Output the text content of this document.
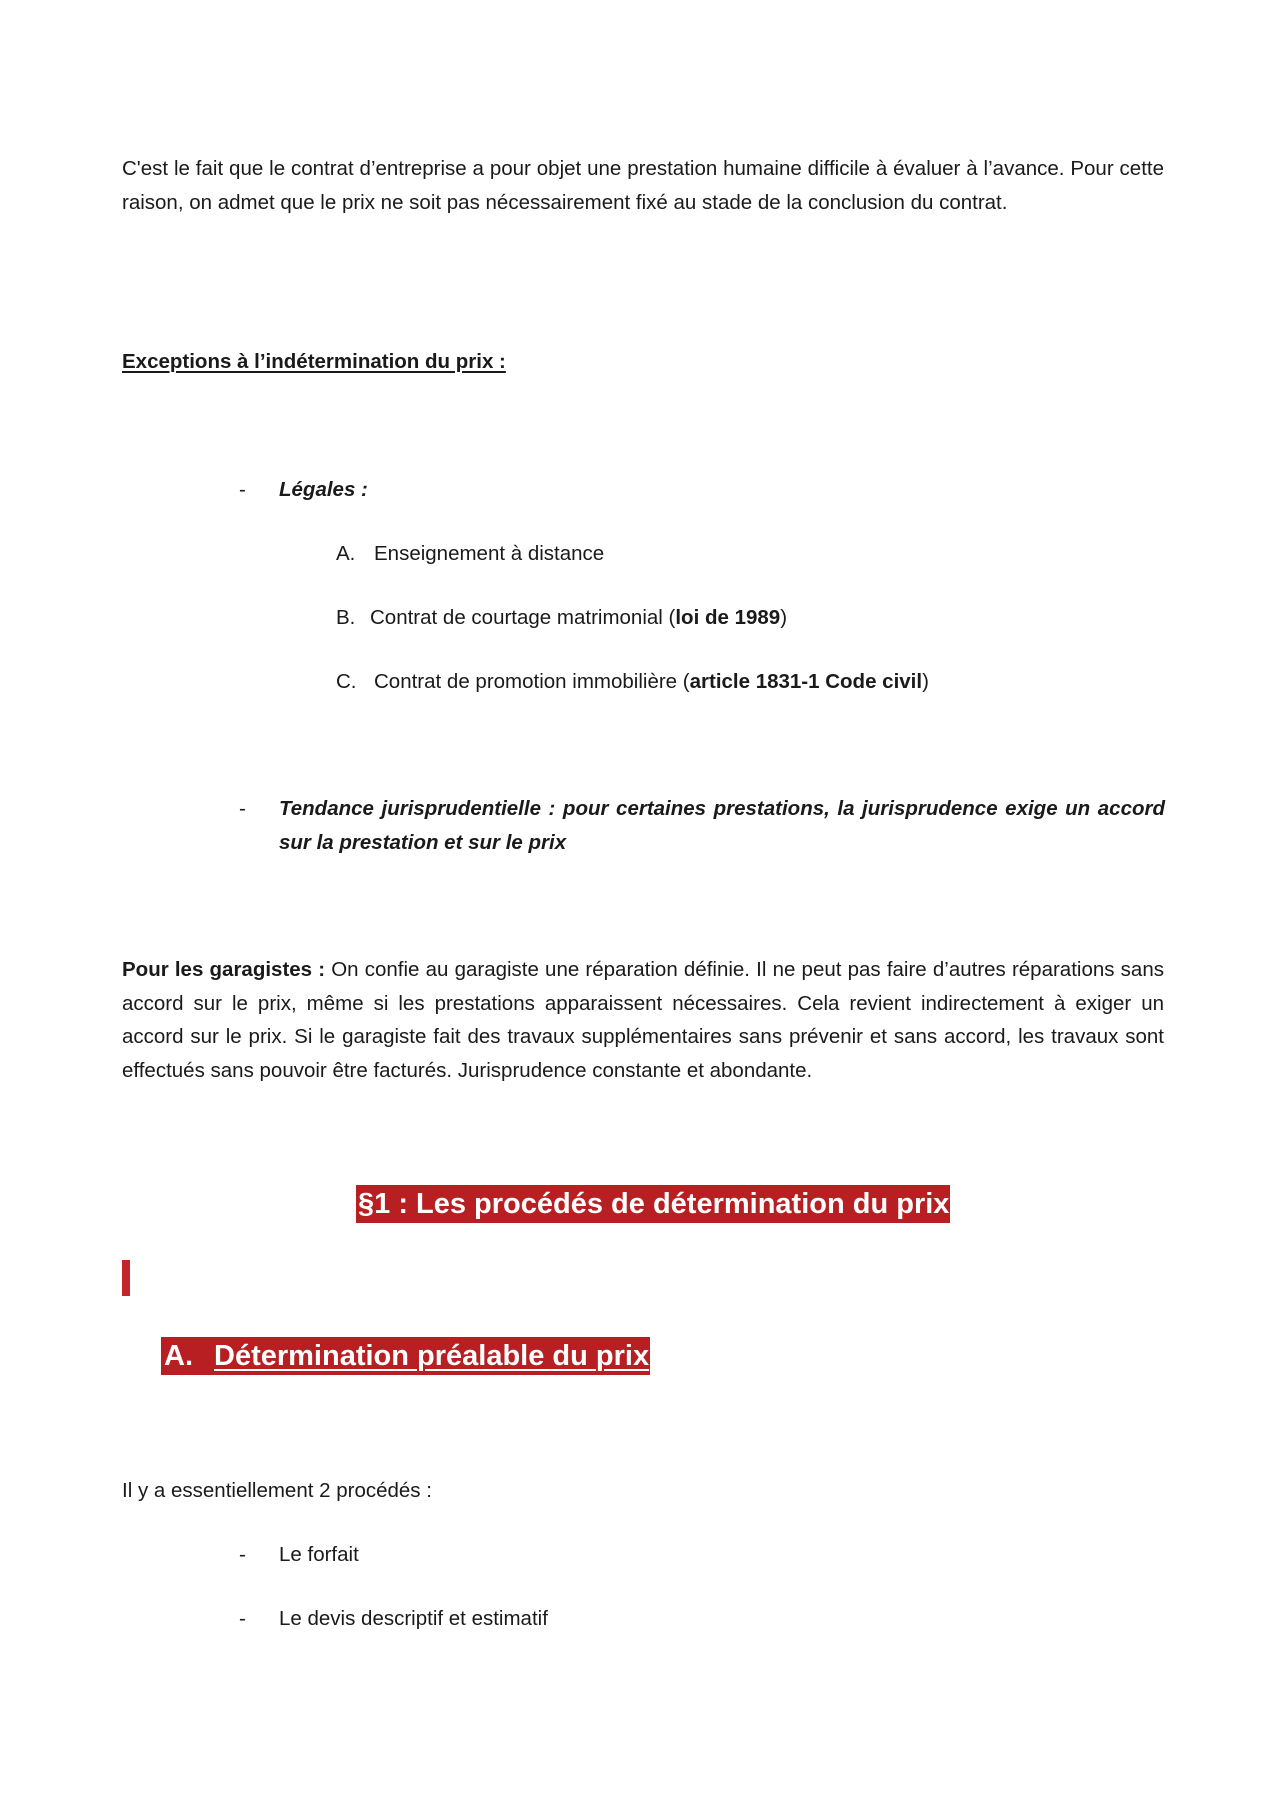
C'est le fait que le contrat d’entreprise a pour objet une prestation humaine difficile à évaluer à l’avance. Pour cette raison, on admet que le prix ne soit pas nécessairement fixé au stade de la conclusion du contrat.

Exceptions à l’indétermination du prix :
- Légales :
A. Enseignement à distance
B. Contrat de courtage matrimonial (loi de 1989)
C. Contrat de promotion immobilière (article 1831-1 Code civil)
- Tendance jurisprudentielle : pour certaines prestations, la jurisprudence exige un accord sur la prestation et sur le prix

Pour les garagistes : On confie au garagiste une réparation définie. Il ne peut pas faire d’autres réparations sans accord sur le prix, même si les prestations apparaissent nécessaires. Cela revient indirectement à exiger un accord sur le prix. Si le garagiste fait des travaux supplémentaires sans prévenir et sans accord, les travaux sont effectués sans pouvoir être facturés. Jurisprudence constante et abondante.

§1 : Les procédés de détermination du prix
A. Détermination préalable du prix
Il y a essentiellement 2 procédés :
- Le forfait
- Le devis descriptif et estimatif
